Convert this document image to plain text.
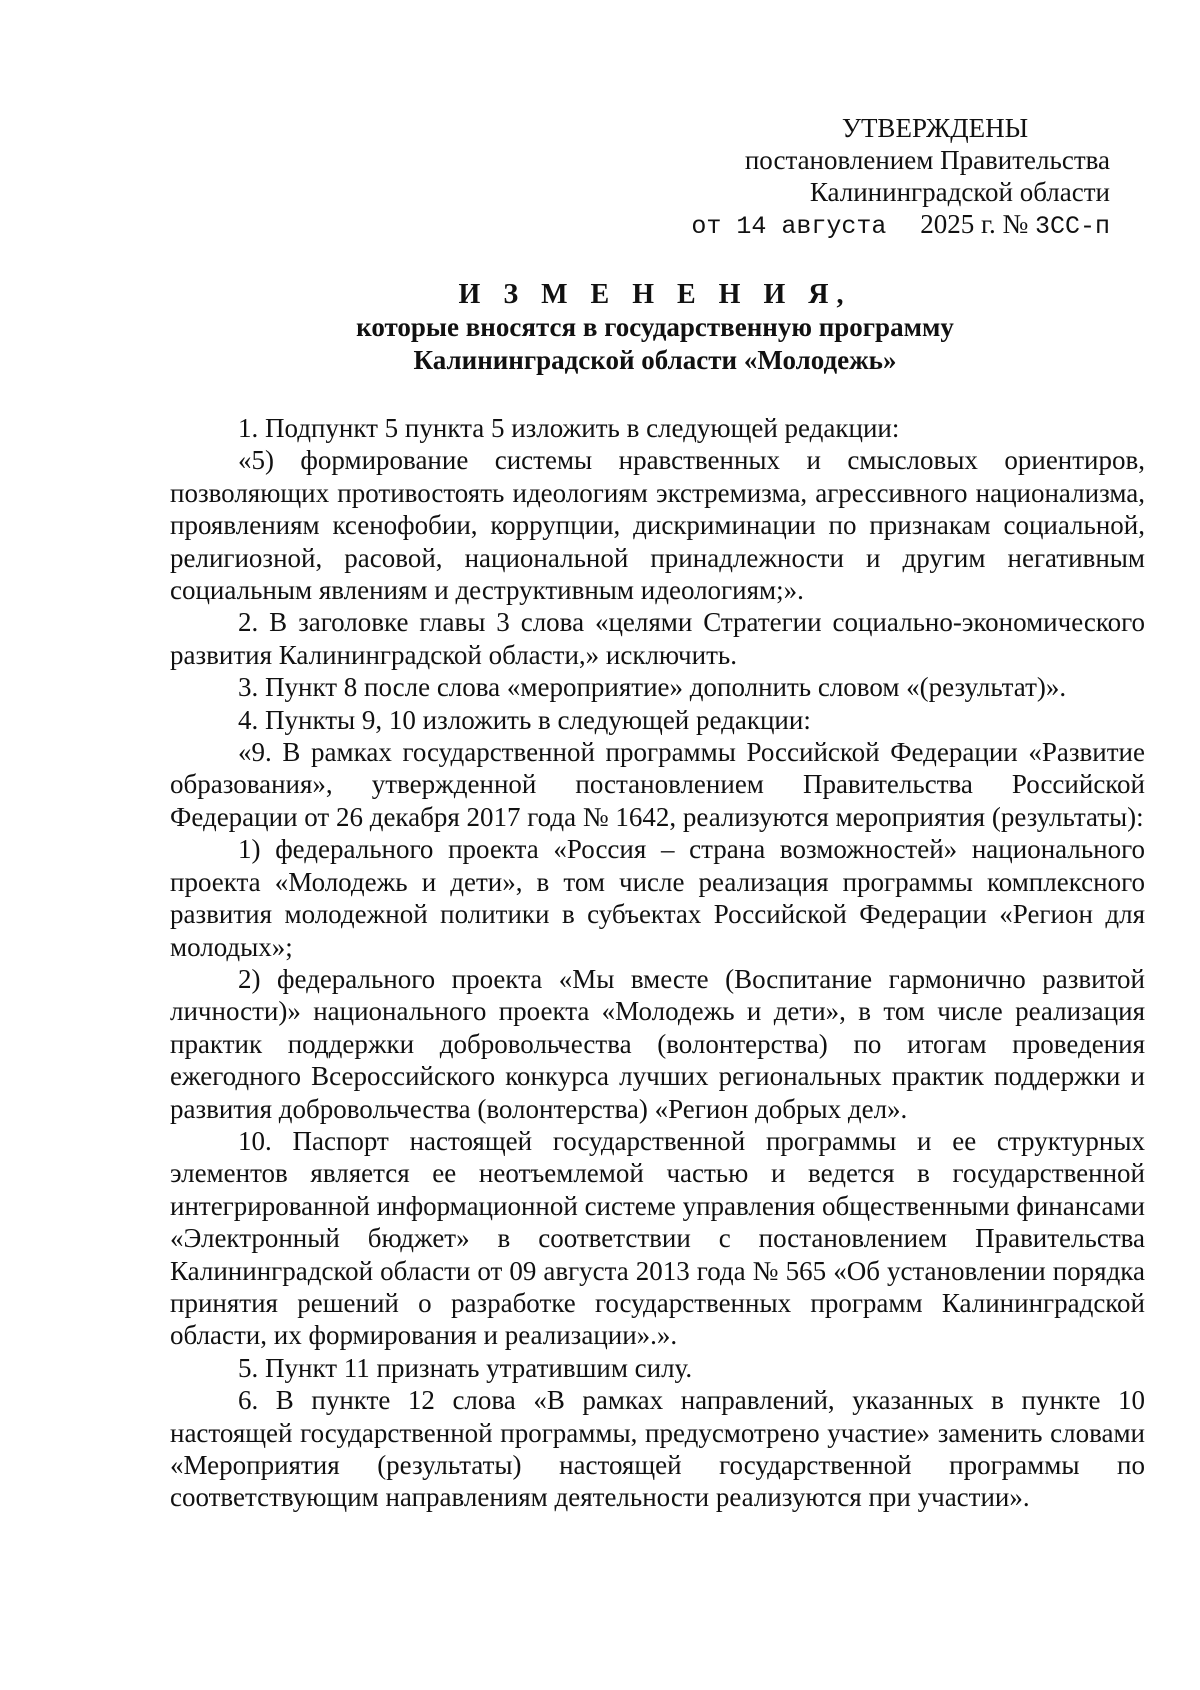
УТВЕРЖДЕНЫ
постановлением Правительства
Калининградской области
от 14 августа 2025 г. № 3СС-п
И З М Е Н Е Н И Я,
которые вносятся в государственную программу
Калининградской области «Молодежь»

1. Подпункт 5 пункта 5 изложить в следующей редакции:

«5) формирование системы нравственных и смысловых ориентиров, позволяющих противостоять идеологиям экстремизма, агрессивного национализма, проявлениям ксенофобии, коррупции, дискриминации по признакам социальной, религиозной, расовой, национальной принадлежности и другим негативным социальным явлениям и деструктивным идеологиям;».

2. В заголовке главы 3 слова «целями Стратегии социально-экономического развития Калининградской области,» исключить.

3. Пункт 8 после слова «мероприятие» дополнить словом «(результат)».

4. Пункты 9, 10 изложить в следующей редакции:

«9. В рамках государственной программы Российской Федерации «Развитие образования», утвержденной постановлением Правительства Российской Федерации от 26 декабря 2017 года № 1642, реализуются мероприятия (результаты):

1) федерального проекта «Россия – страна возможностей» национального проекта «Молодежь и дети», в том числе реализация программы комплексного развития молодежной политики в субъектах Российской Федерации «Регион для молодых»;

2) федерального проекта «Мы вместе (Воспитание гармонично развитой личности)» национального проекта «Молодежь и дети», в том числе реализация практик поддержки добровольчества (волонтерства) по итогам проведения ежегодного Всероссийского конкурса лучших региональных практик поддержки и развития добровольчества (волонтерства) «Регион добрых дел».

10. Паспорт настоящей государственной программы и ее структурных элементов является ее неотъемлемой частью и ведется в государственной интегрированной информационной системе управления общественными финансами «Электронный бюджет» в соответствии с постановлением Правительства Калининградской области от 09 августа 2013 года № 565 «Об установлении порядка принятия решений о разработке государственных программ Калининградской области, их формирования и реализации».».

5. Пункт 11 признать утратившим силу.

6. В пункте 12 слова «В рамках направлений, указанных в пункте 10 настоящей государственной программы, предусмотрено участие» заменить словами «Мероприятия (результаты) настоящей государственной программы по соответствующим направлениям деятельности реализуются при участии».
